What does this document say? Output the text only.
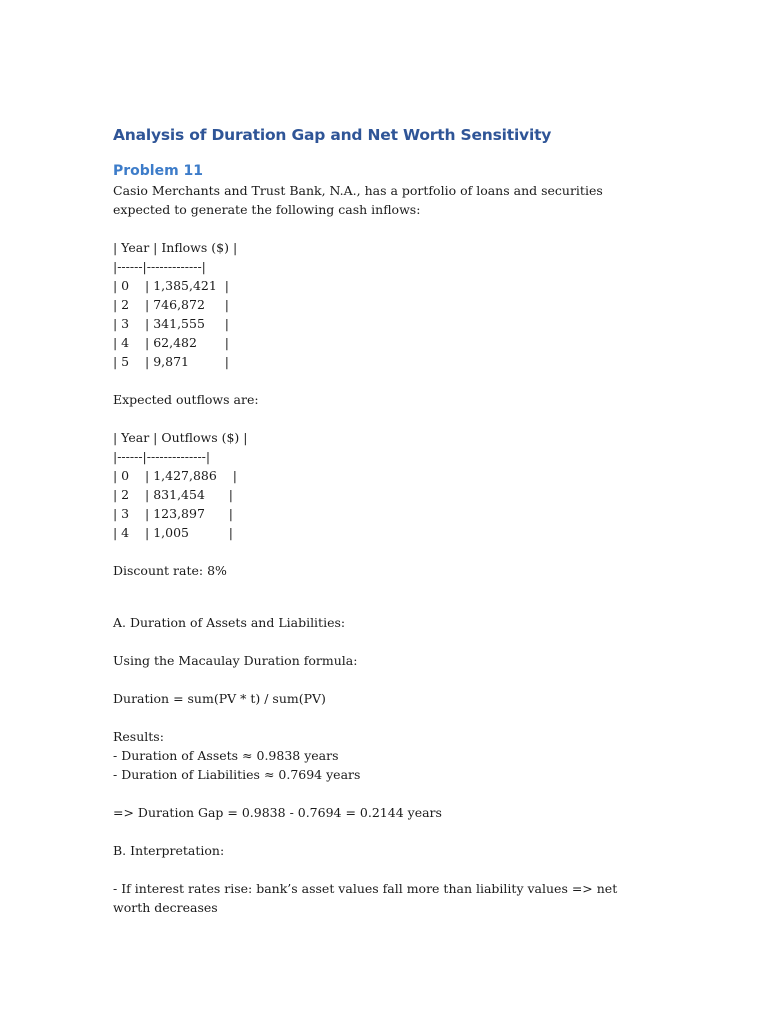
Analysis of Duration Gap and Net Worth Sensitivity
Problem 11

Casio Merchants and Trust Bank, N.A., has a portfolio of loans and securities expected to generate the following cash inflows:

| Year | Inflows ($) |

|------|-------------|

| 0    | 1,385,421  |

| 2    | 746,872     |

| 3    | 341,555     |

| 4    | 62,482       |

| 5    | 9,871         |

Expected outflows are:

| Year | Outflows ($) |

|------|--------------|

| 0    | 1,427,886    |

| 2    | 831,454      |

| 3    | 123,897      |

| 4    | 1,005          |

Discount rate: 8%

A. Duration of Assets and Liabilities:

Using the Macaulay Duration formula:

Duration = sum(PV * t) / sum(PV)

Results:

- Duration of Assets ≈ 0.9838 years

- Duration of Liabilities ≈ 0.7694 years

=> Duration Gap = 0.9838 - 0.7694 = 0.2144 years

B. Interpretation:

- If interest rates rise: bank’s asset values fall more than liability values => net worth decreases
